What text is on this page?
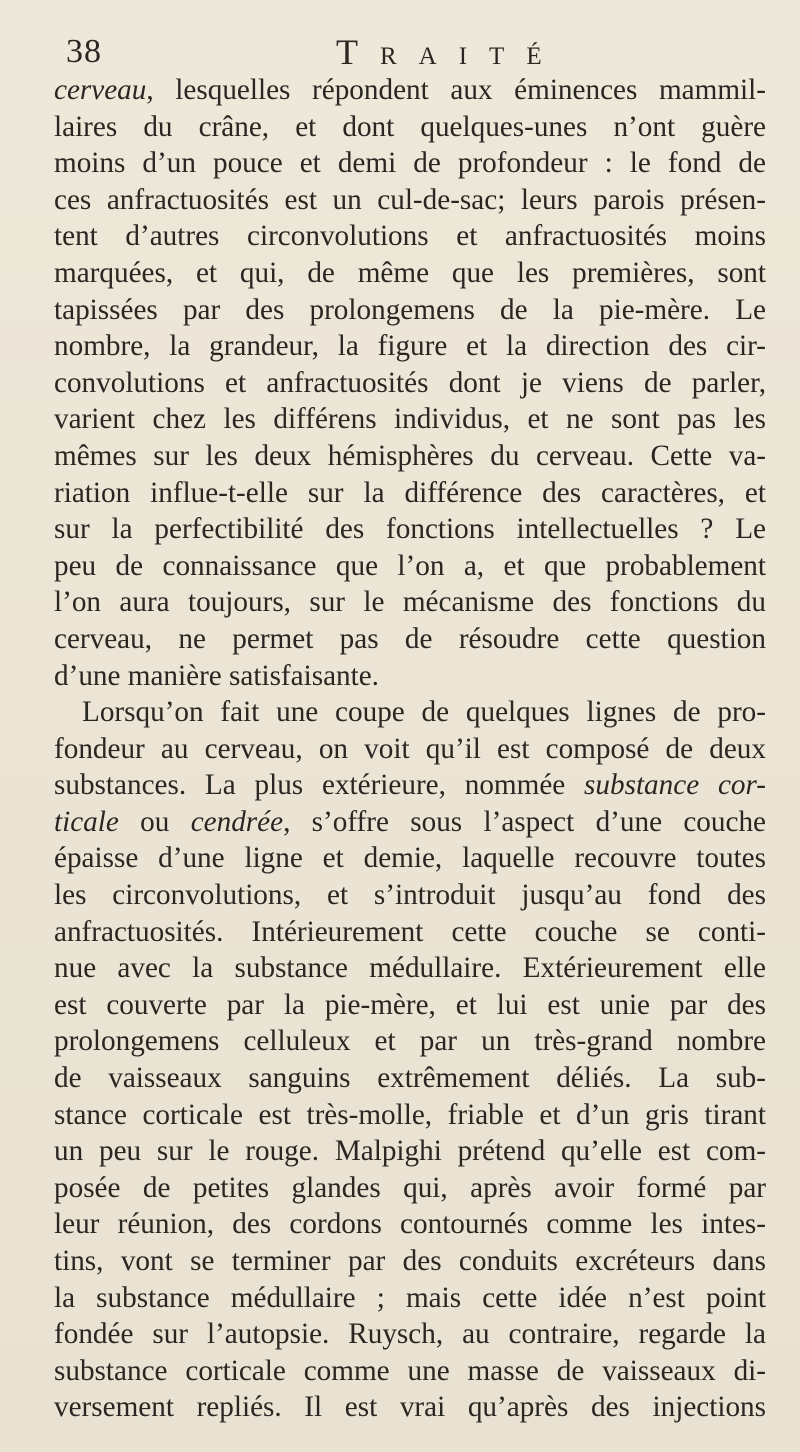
38	Traité
cerveau, lesquelles répondent aux éminences mammil-
laires du crâne, et dont quelques-unes n’ont guère
moins d’un pouce et demi de profondeur : le fond de
ces anfractuosités est un cul-de-sac; leurs parois présen-
tent d’autres circonvolutions et anfractuosités moins
marquées, et qui, de même que les premières, sont
tapissées par des prolongemens de la pie-mère. Le
nombre, la grandeur, la figure et la direction des cir-
convolutions et anfractuosités dont je viens de parler,
varient chez les différens individus, et ne sont pas les
mêmes sur les deux hémisphères du cerveau. Cette va-
riation influe-t-elle sur la différence des caractères, et
sur la perfectibilité des fonctions intellectuelles ? Le
peu de connaissance que l’on a, et que probablement
l’on aura toujours, sur le mécanisme des fonctions du
cerveau, ne permet pas de résoudre cette question
d’une manière satisfaisante.
Lorsqu’on fait une coupe de quelques lignes de pro-
fondeur au cerveau, on voit qu’il est composé de deux
substances. La plus extérieure, nommée substance cor-
ticale ou cendrée, s’offre sous l’aspect d’une couche
épaisse d’une ligne et demie, laquelle recouvre toutes
les circonvolutions, et s’introduit jusqu’au fond des
anfractuosités. Intérieurement cette couche se conti-
nue avec la substance médullaire. Extérieurement elle
est couverte par la pie-mère, et lui est unie par des
prolongemens celluleux et par un très-grand nombre
de vaisseaux sanguins extrêmement déliés. La sub-
stance corticale est très-molle, friable et d’un gris tirant
un peu sur le rouge. Malpighi prétend qu’elle est com-
posée de petites glandes qui, après avoir formé par
leur réunion, des cordons contournés comme les intes-
tins, vont se terminer par des conduits excréteurs dans
la substance médullaire ; mais cette idée n’est point
fondée sur l’autopsie. Ruysch, au contraire, regarde la
substance corticale comme une masse de vaisseaux di-
versement repliés. Il est vrai qu’après des injections
